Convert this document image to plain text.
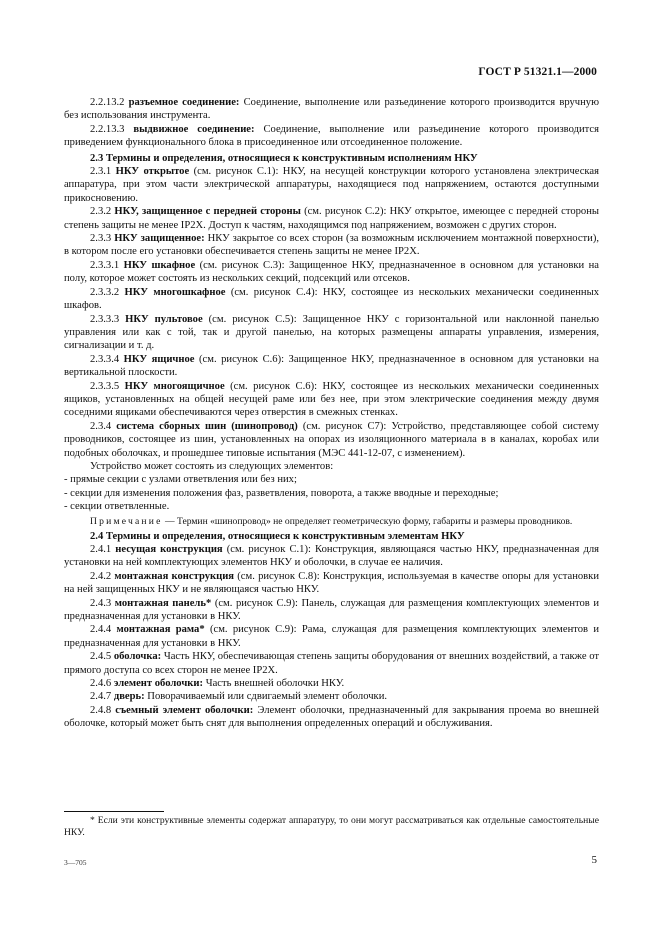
ГОСТ Р 51321.1—2000

2.2.13.2 разъемное соединение: Соединение, выполнение или разъединение которого производится вручную без использования инструмента.

2.2.13.3 выдвижное соединение: Соединение, выполнение или разъединение которого производится приведением функционального блока в присоединенное или отсоединенное положение.

2.3 Термины и определения, относящиеся к конструктивным исполнениям НКУ

2.3.1 НКУ открытое (см. рисунок С.1): НКУ, на несущей конструкции которого установлена электрическая аппаратура, при этом части электрической аппаратуры, находящиеся под напряжением, остаются доступными прикосновению.

2.3.2 НКУ, защищенное с передней стороны (см. рисунок С.2): НКУ открытое, имеющее с передней стороны степень защиты не менее IP2X. Доступ к частям, находящимся под напряжением, возможен с других сторон.

2.3.3 НКУ защищенное: НКУ закрытое со всех сторон (за возможным исключением монтажной поверхности), в котором после его установки обеспечивается степень защиты не менее IP2X.

2.3.3.1 НКУ шкафное (см. рисунок С.3): Защищенное НКУ, предназначенное в основном для установки на полу, которое может состоять из нескольких секций, подсекций или отсеков.

2.3.3.2 НКУ многошкафное (см. рисунок С.4): НКУ, состоящее из нескольких механически соединенных шкафов.

2.3.3.3 НКУ пультовое (см. рисунок С.5): Защищенное НКУ с горизонтальной или наклонной панелью управления или как с той, так и другой панелью, на которых размещены аппараты управления, измерения, сигнализации и т. д.

2.3.3.4 НКУ ящичное (см. рисунок С.6): Защищенное НКУ, предназначенное в основном для установки на вертикальной плоскости.

2.3.3.5 НКУ многоящичное (см. рисунок С.6): НКУ, состоящее из нескольких механически соединенных ящиков, установленных на общей несущей раме или без нее, при этом электрические соединения между двумя соседними ящиками обеспечиваются через отверстия в смежных стенках.

2.3.4 система сборных шин (шинопровод) (см. рисунок С7): Устройство, представляющее собой систему проводников, состоящее из шин, установленных на опорах из изоляционного материала в в каналах, коробах или подобных оболочках, и прошедшее типовые испытания (МЭС 441-12-07, с изменением).

Устройство может состоять из следующих элементов:

- прямые секции с узлами ответвления или без них;

- секции для изменения положения фаз, разветвления, поворота, а также вводные и переходные;

- секции ответвленные.

Примечание — Термин «шинопровод» не определяет геометрическую форму, габариты и размеры проводников.

2.4 Термины и определения, относящиеся к конструктивным элементам НКУ

2.4.1 несущая конструкция (см. рисунок С.1): Конструкция, являющаяся частью НКУ, предназначенная для установки на ней комплектующих элементов НКУ и оболочки, в случае ее наличия.

2.4.2 монтажная конструкция (см. рисунок С.8): Конструкция, используемая в качестве опоры для установки на ней защищенных НКУ и не являющаяся частью НКУ.

2.4.3 монтажная панель* (см. рисунок С.9): Панель, служащая для размещения комплектующих элементов и предназначенная для установки в НКУ.

2.4.4 монтажная рама* (см. рисунок С.9): Рама, служащая для размещения комплектующих элементов и предназначенная для установки в НКУ.

2.4.5 оболочка: Часть НКУ, обеспечивающая степень защиты оборудования от внешних воздействий, а также от прямого доступа со всех сторон не менее IP2X.

2.4.6 элемент оболочки: Часть внешней оболочки НКУ.

2.4.7 дверь: Поворачиваемый или сдвигаемый элемент оболочки.

2.4.8 съемный элемент оболочки: Элемент оболочки, предназначенный для закрывания проема во внешней оболочке, который может быть снят для выполнения определенных операций и обслуживания.

* Если эти конструктивные элементы содержат аппаратуру, то они могут рассматриваться как отдельные самостоятельные НКУ.

3—705	5
